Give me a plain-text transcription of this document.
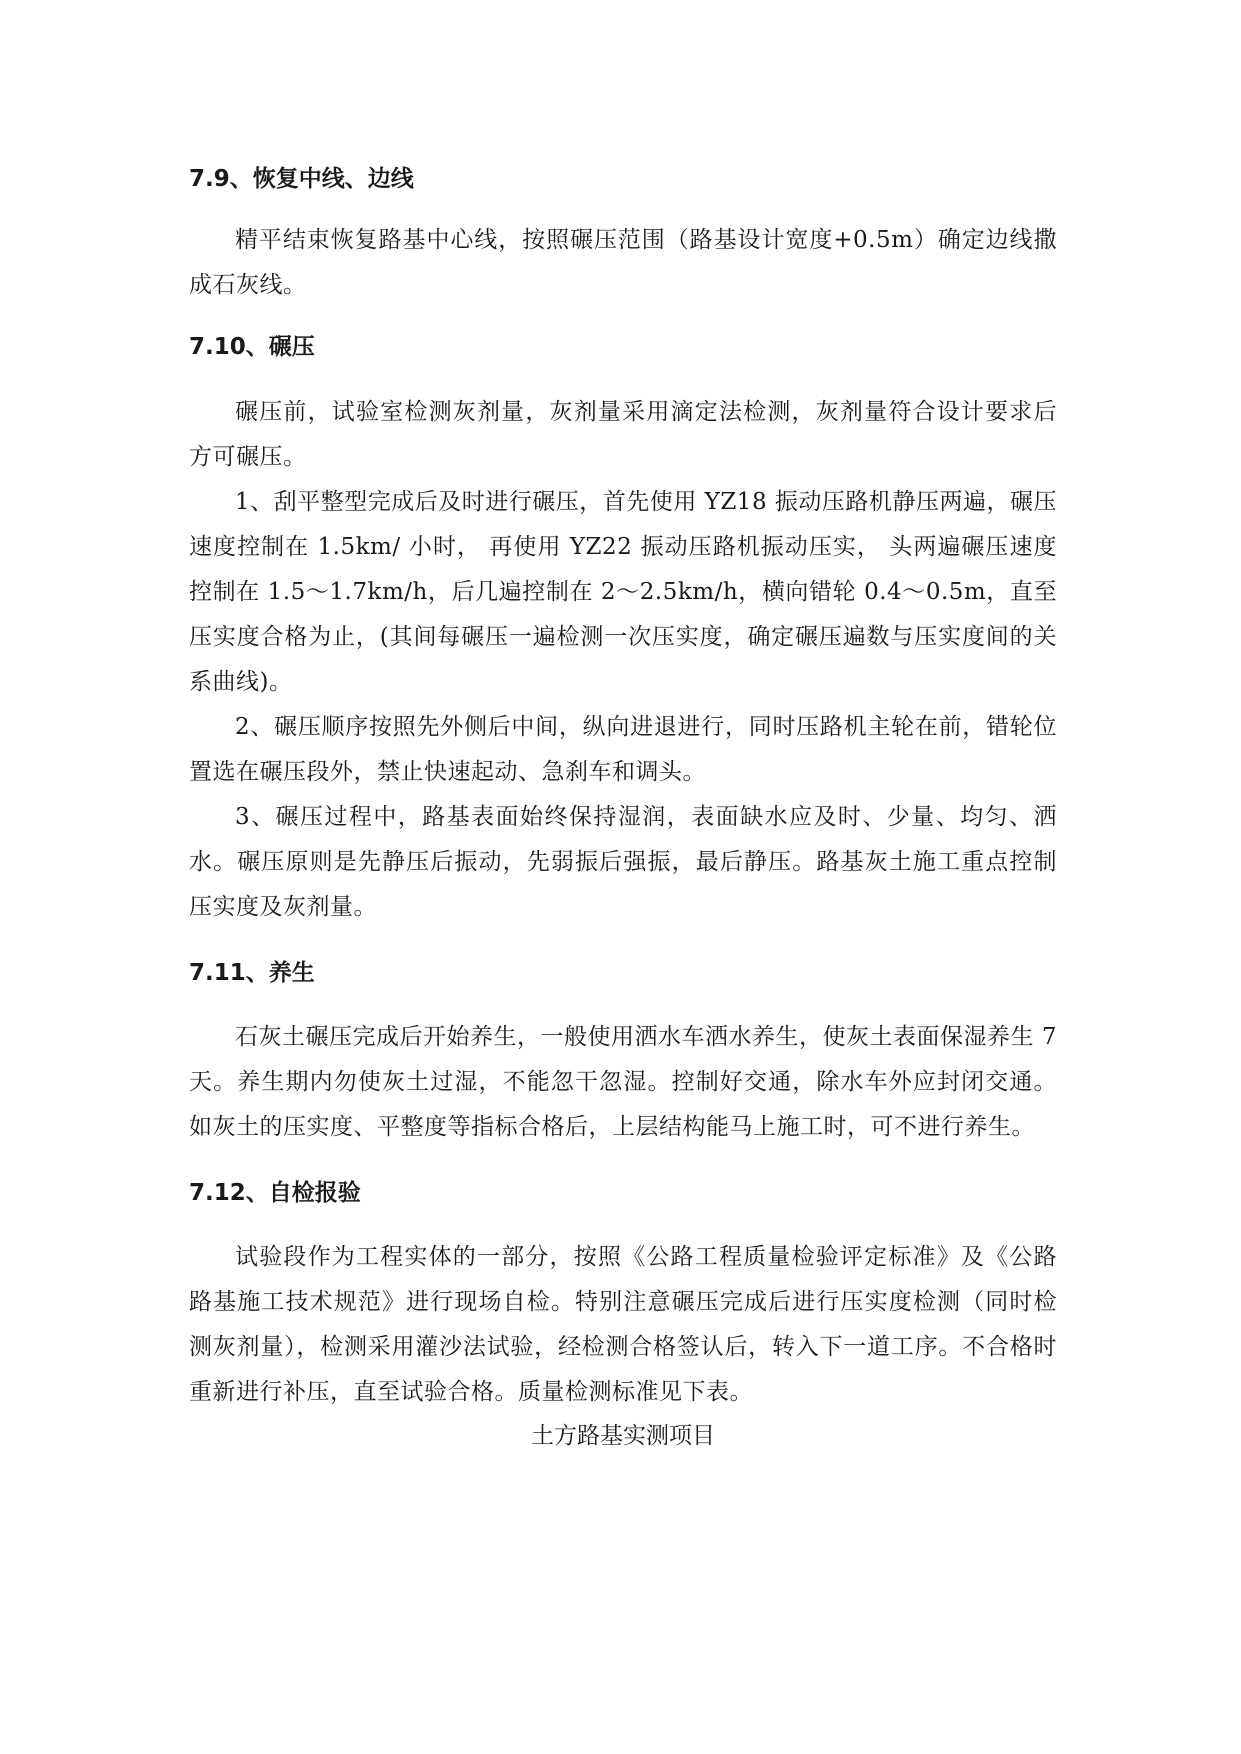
7.9、恢复中线、边线

精平结束恢复路基中心线，按照碾压范围（路基设计宽度+0.5m）确定边线撒成石灰线。

7.10、碾压

碾压前，试验室检测灰剂量，灰剂量采用滴定法检测，灰剂量符合设计要求后方可碾压。

1、刮平整型完成后及时进行碾压，首先使用 YZ18 振动压路机静压两遍，碾压速度控制在 1.5km/ 小时， 再使用 YZ22 振动压路机振动压实， 头两遍碾压速度控制在 1.5～1.7km/h，后几遍控制在 2～2.5km/h，横向错轮 0.4～0.5m，直至压实度合格为止，(其间每碾压一遍检测一次压实度，确定碾压遍数与压实度间的关系曲线)。

2、碾压顺序按照先外侧后中间，纵向进退进行，同时压路机主轮在前，错轮位置选在碾压段外，禁止快速起动、急刹车和调头。

3、碾压过程中，路基表面始终保持湿润，表面缺水应及时、少量、均匀、洒水。碾压原则是先静压后振动，先弱振后强振，最后静压。路基灰土施工重点控制压实度及灰剂量。

7.11、养生

石灰土碾压完成后开始养生，一般使用洒水车洒水养生，使灰土表面保湿养生 7 天。养生期内勿使灰土过湿，不能忽干忽湿。控制好交通，除水车外应封闭交通。如灰土的压实度、平整度等指标合格后，上层结构能马上施工时，可不进行养生。

7.12、自检报验

试验段作为工程实体的一部分，按照《公路工程质量检验评定标准》及《公路路基施工技术规范》进行现场自检。特别注意碾压完成后进行压实度检测（同时检测灰剂量），检测采用灌沙法试验，经检测合格签认后，转入下一道工序。不合格时重新进行补压，直至试验合格。质量检测标准见下表。

土方路基实测项目
